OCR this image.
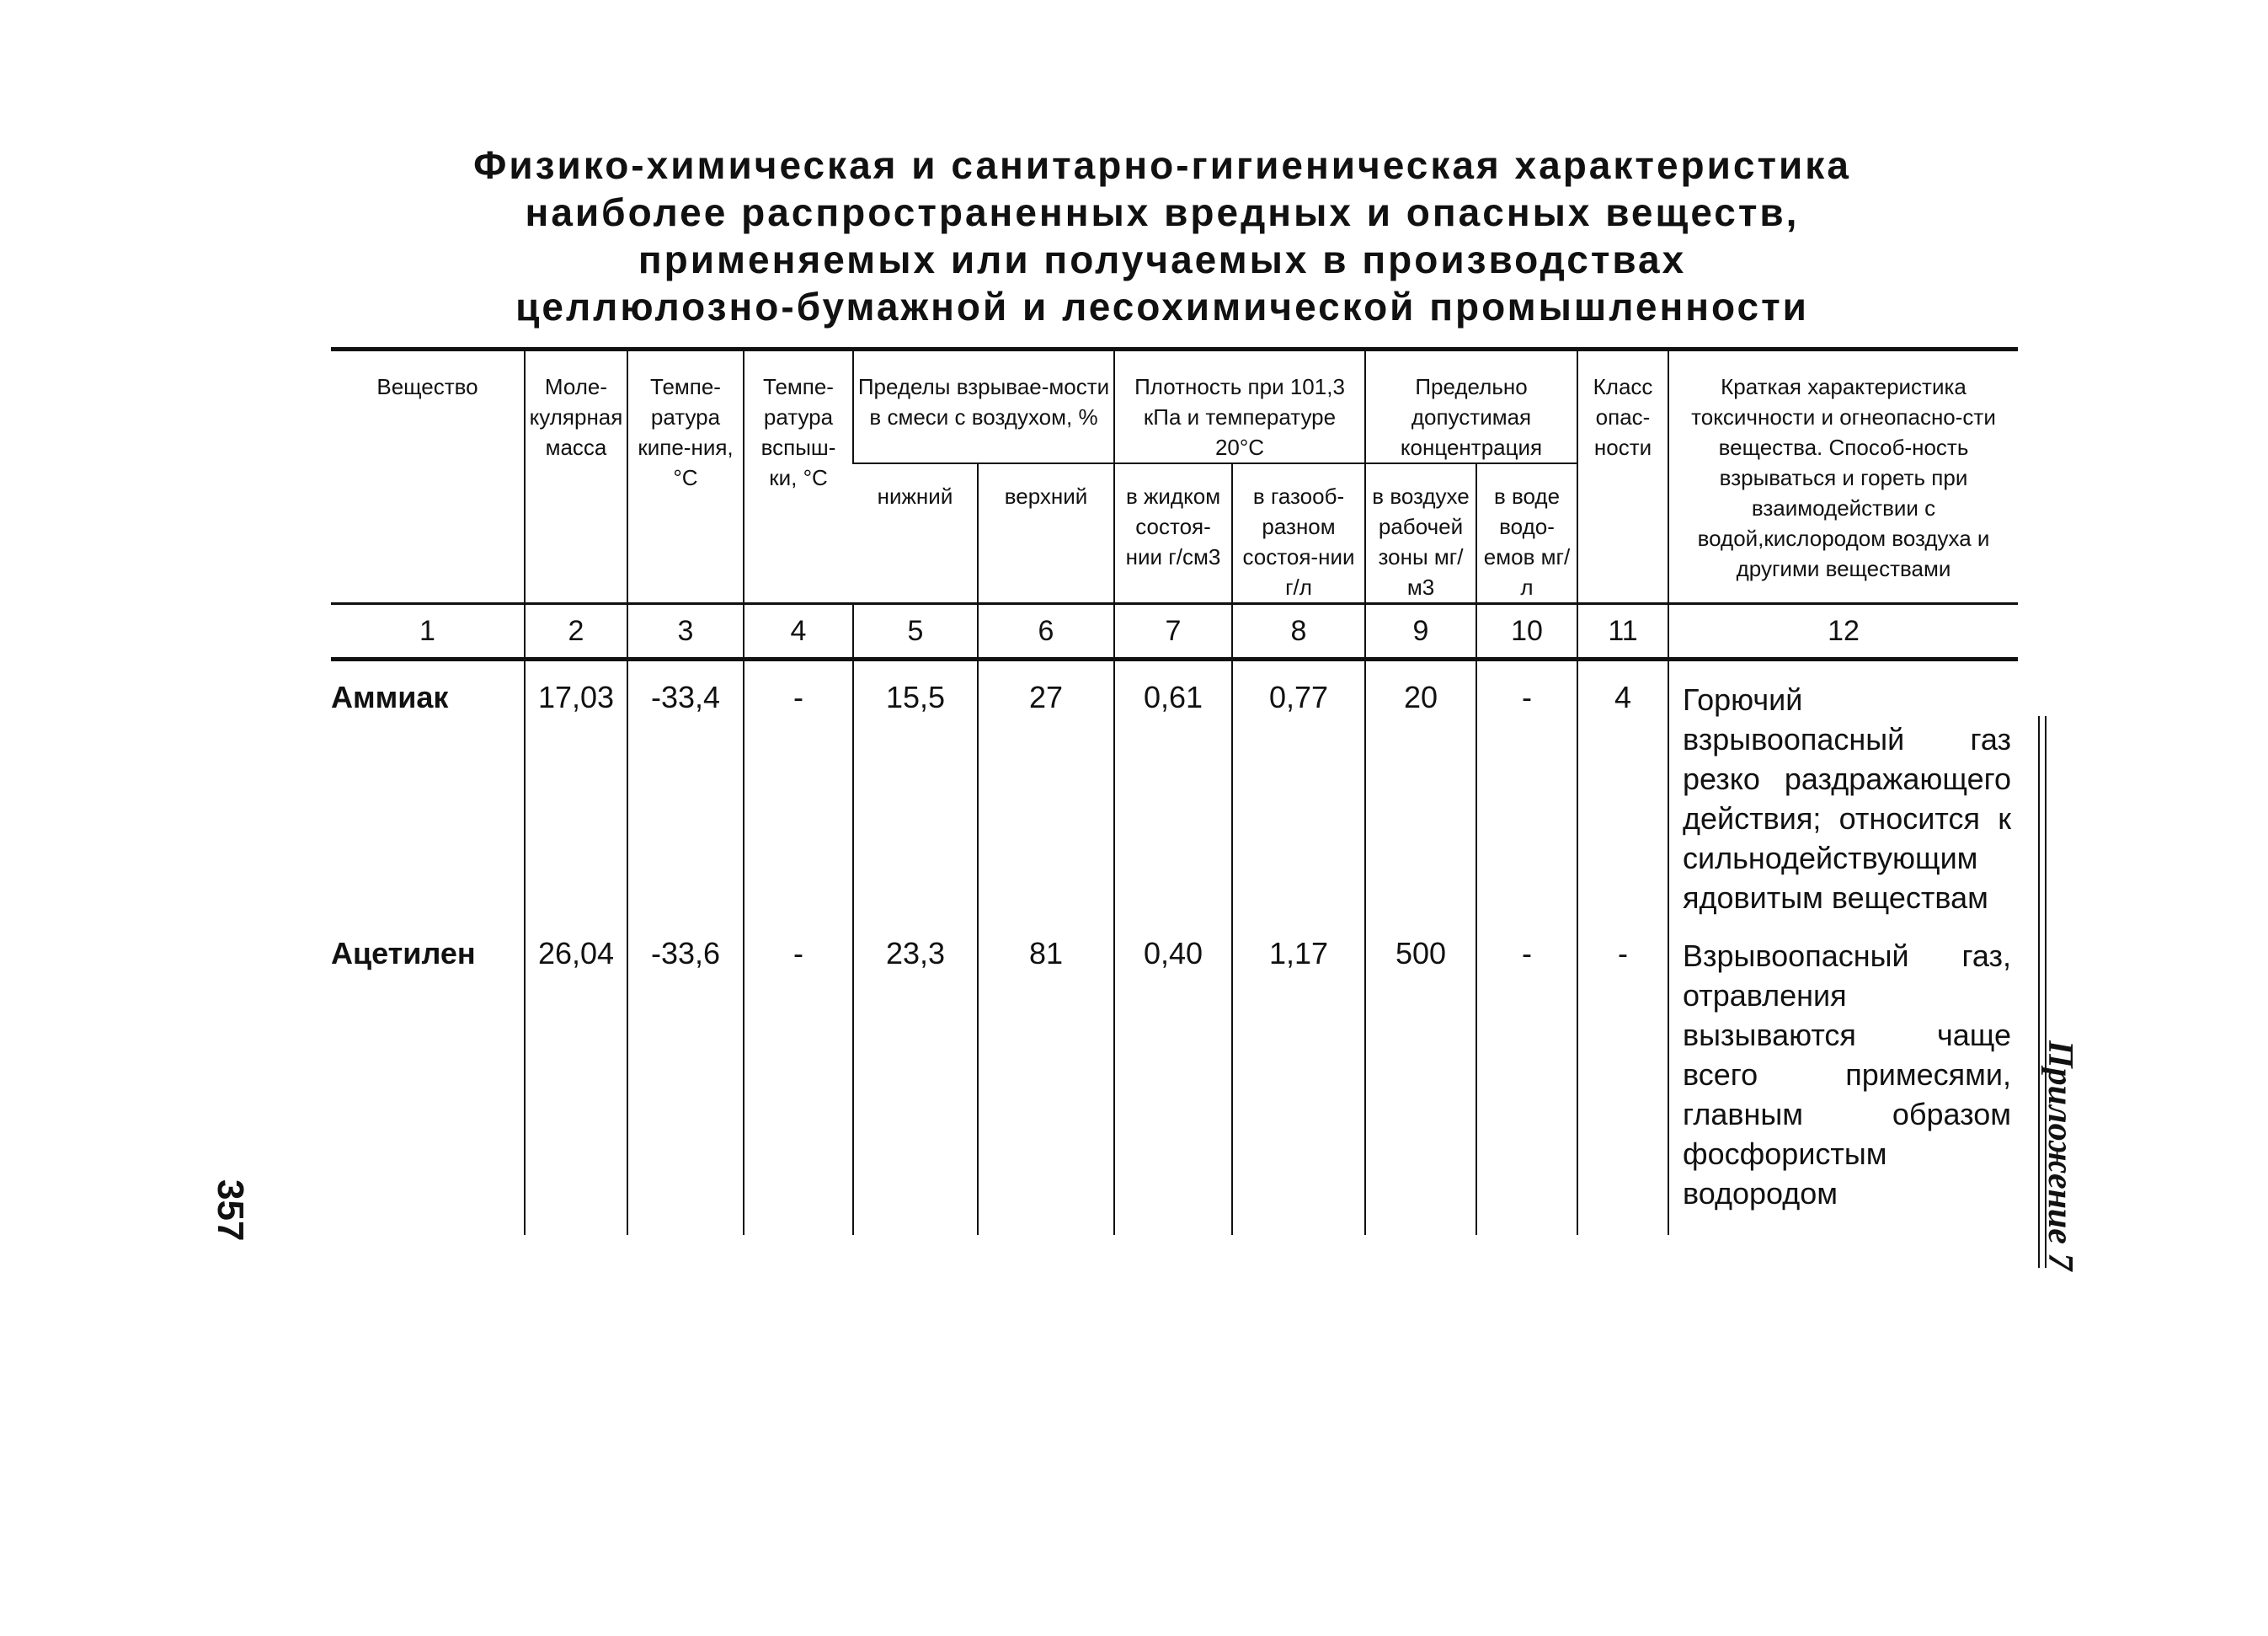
Физико-химическая и санитарно-гигиеническая характеристика
наиболее распространенных вредных и опасных веществ,
применяемых или получаемых в производствах
целлюлозно-бумажной и лесохимической промышленности
357	Приложение 7
Вещество	Моле-кулярная масса	Темпе-ратура кипе-ния, °С	Темпе-ратура вспыш-ки, °С	Пределы взрывае-мости в смеси с воздухом, %		Плотность при 101,3 кПа и температуре 20°С		Предельно допустимая концентрация		Класс опас-ности	Краткая характеристика токсичности и огнеопасно-сти вещества. Способ-ность взрываться и гореть при взаимодействии с водой,кислородом воздуха и другими веществами
				нижний	верхний	в жидком состоя-нии г/см3	в газооб-разном состоя-нии г/л	в воздухе рабочей зоны мг/м3	в воде водо-емов мг/л		
1	2	3	4	5	6	7	8	9	10	11	12
Аммиак	17,03	-33,4	-	15,5	27	0,61	0,77	20	-	4	Горючий взрывоопасный газ резко раздражающего действия; относится к сильнодействующим ядовитым веществам
Ацетилен	26,04	-33,6	-	23,3	81	0,40	1,17	500	-	-	Взрывоопасный газ, отравления вызываются чаще всего примесями, главным образом фосфористым водородом
